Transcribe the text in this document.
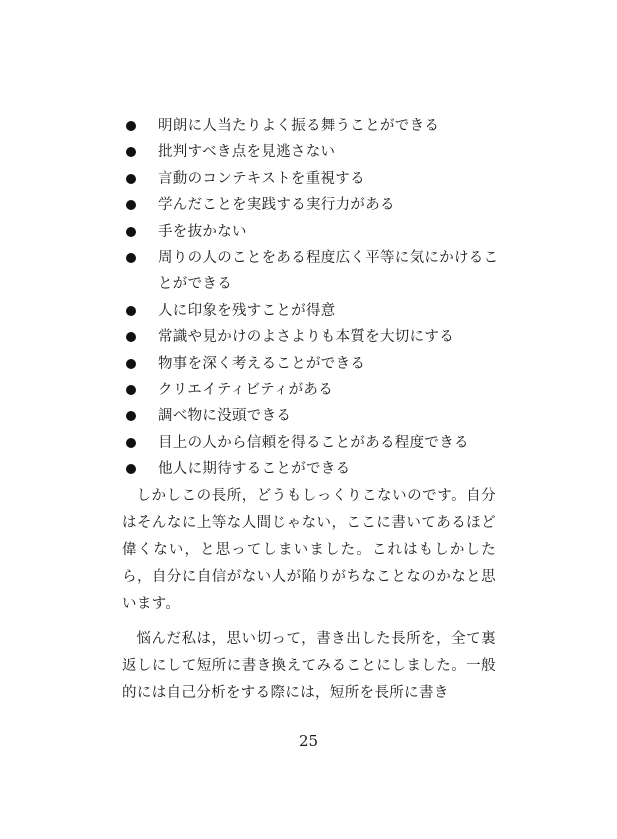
明朗に人当たりよく振る舞うことができる
批判すべき点を見逃さない
言動のコンテキストを重視する
学んだことを実践する実行力がある
手を抜かない
周りの人のことをある程度広く平等に気にかけることができる
人に印象を残すことが得意
常識や見かけのよさよりも本質を大切にする
物事を深く考えることができる
クリエイティビティがある
調べ物に没頭できる
目上の人から信頼を得ることがある程度できる
他人に期待することができる

しかしこの長所，どうもしっくりこないのです。自分はそんなに上等な人間じゃない，ここに書いてあるほど偉くない，と思ってしまいました。これはもしかしたら，自分に自信がない人が陥りがちなことなのかなと思います。

悩んだ私は，思い切って，書き出した長所を，全て裏返しにして短所に書き換えてみることにしました。一般的には自己分析をする際には，短所を長所に書き

25
